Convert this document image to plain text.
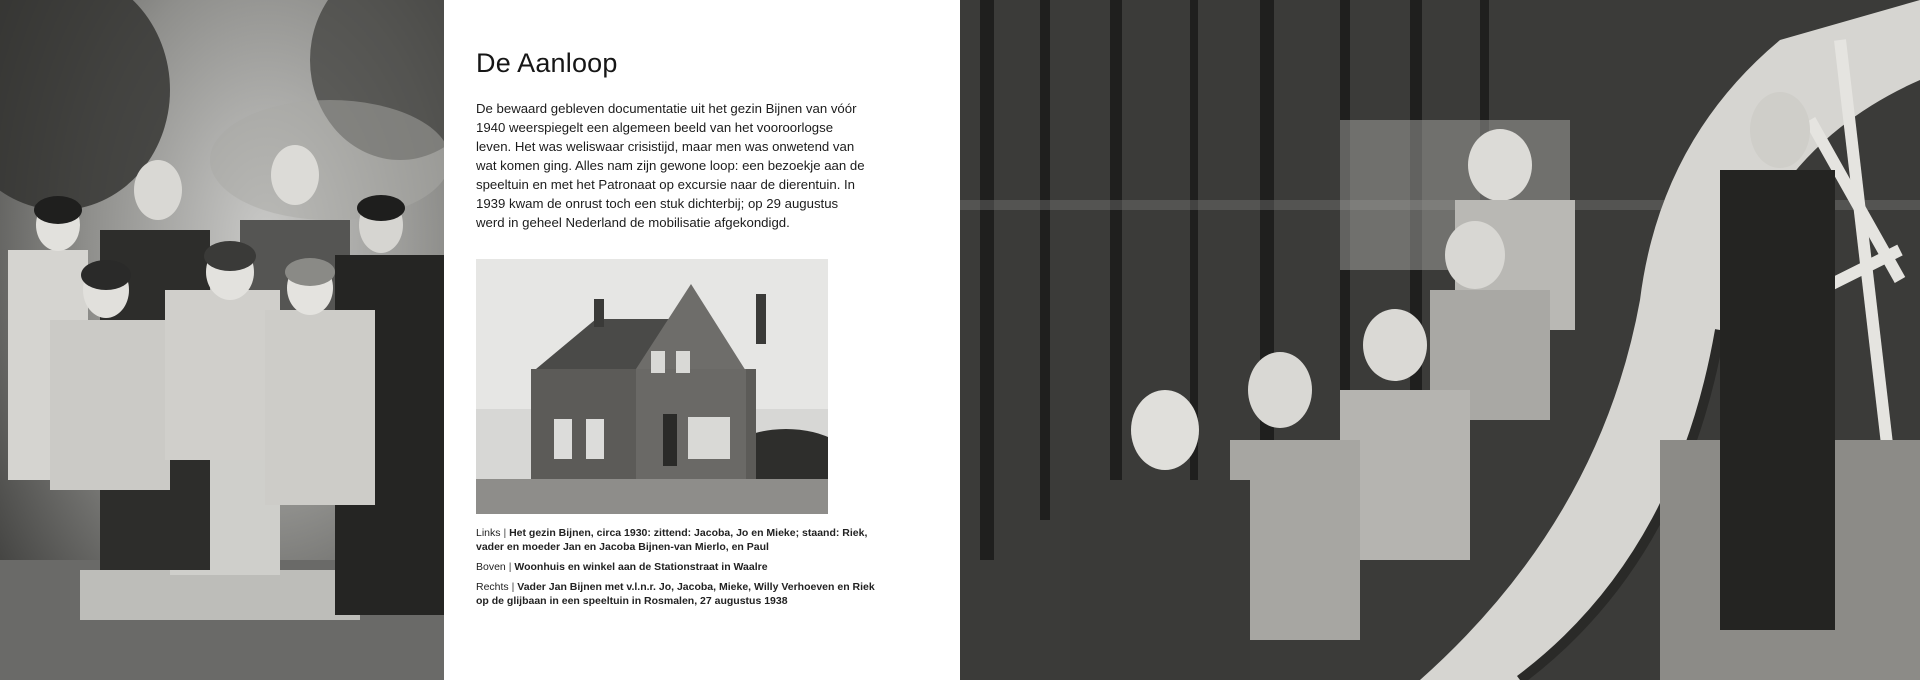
De Aanloop

De bewaard gebleven documentatie uit het gezin Bijnen van vóór 1940 weerspiegelt een algemeen beeld van het vooroorlogse leven. Het was weliswaar crisistijd, maar men was onwetend van wat komen ging. Alles nam zijn gewone loop: een bezoekje aan de speeltuin en met het Patronaat op excursie naar de dierentuin. In 1939 kwam de onrust toch een stuk dichterbij; op 29 augustus werd in geheel Nederland de mobilisatie afgekondigd.

Links | Het gezin Bijnen, circa 1930: zittend: Jacoba, Jo en Mieke; staand: Riek, vader en moeder Jan en Jacoba Bijnen-van Mierlo, en Paul

Boven | Woonhuis en winkel aan de Stationstraat in Waalre

Rechts | Vader Jan Bijnen met v.l.n.r. Jo, Jacoba, Mieke, Willy Verhoeven en Riek op de glijbaan in een speeltuin in Rosmalen, 27 augustus 1938
